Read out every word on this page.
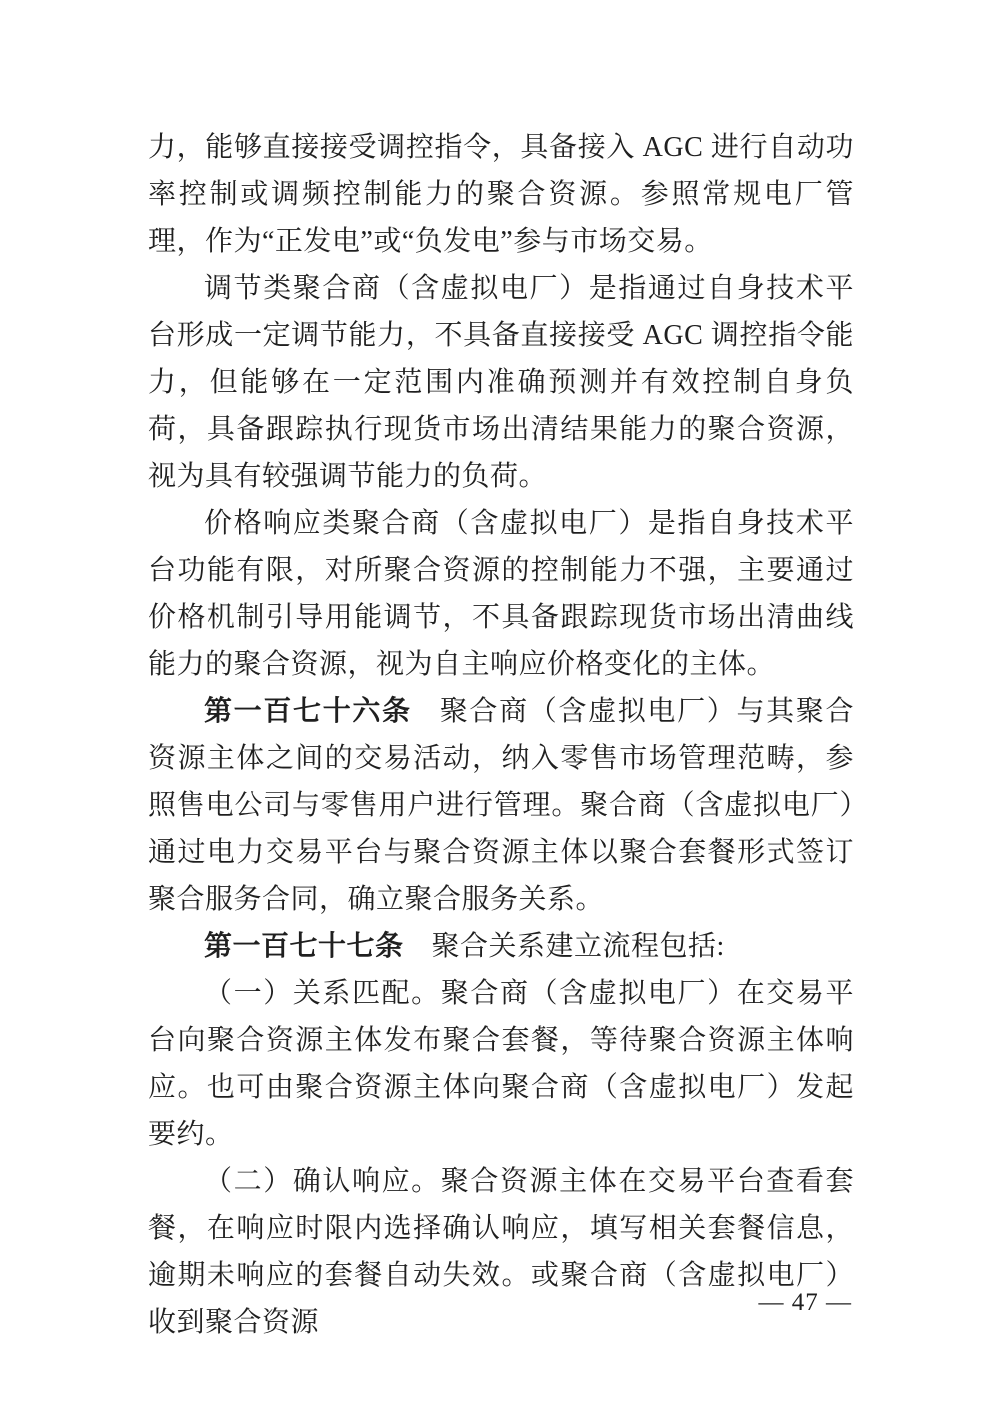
力，能够直接接受调控指令，具备接入 AGC 进行自动功率控制或调频控制能力的聚合资源。参照常规电厂管理，作为“正发电”或“负发电”参与市场交易。

调节类聚合商（含虚拟电厂）是指通过自身技术平台形成一定调节能力，不具备直接接受 AGC 调控指令能力，但能够在一定范围内准确预测并有效控制自身负荷，具备跟踪执行现货市场出清结果能力的聚合资源，视为具有较强调节能力的负荷。

价格响应类聚合商（含虚拟电厂）是指自身技术平台功能有限，对所聚合资源的控制能力不强，主要通过价格机制引导用能调节，不具备跟踪现货市场出清曲线能力的聚合资源，视为自主响应价格变化的主体。

第一百七十六条 聚合商（含虚拟电厂）与其聚合资源主体之间的交易活动，纳入零售市场管理范畴，参照售电公司与零售用户进行管理。聚合商（含虚拟电厂）通过电力交易平台与聚合资源主体以聚合套餐形式签订聚合服务合同，确立聚合服务关系。

第一百七十七条 聚合关系建立流程包括:

（一）关系匹配。聚合商（含虚拟电厂）在交易平台向聚合资源主体发布聚合套餐，等待聚合资源主体响应。也可由聚合资源主体向聚合商（含虚拟电厂）发起要约。

（二）确认响应。聚合资源主体在交易平台查看套餐，在响应时限内选择确认响应，填写相关套餐信息，逾期未响应的套餐自动失效。或聚合商（含虚拟电厂）收到聚合资源

— 47 —
